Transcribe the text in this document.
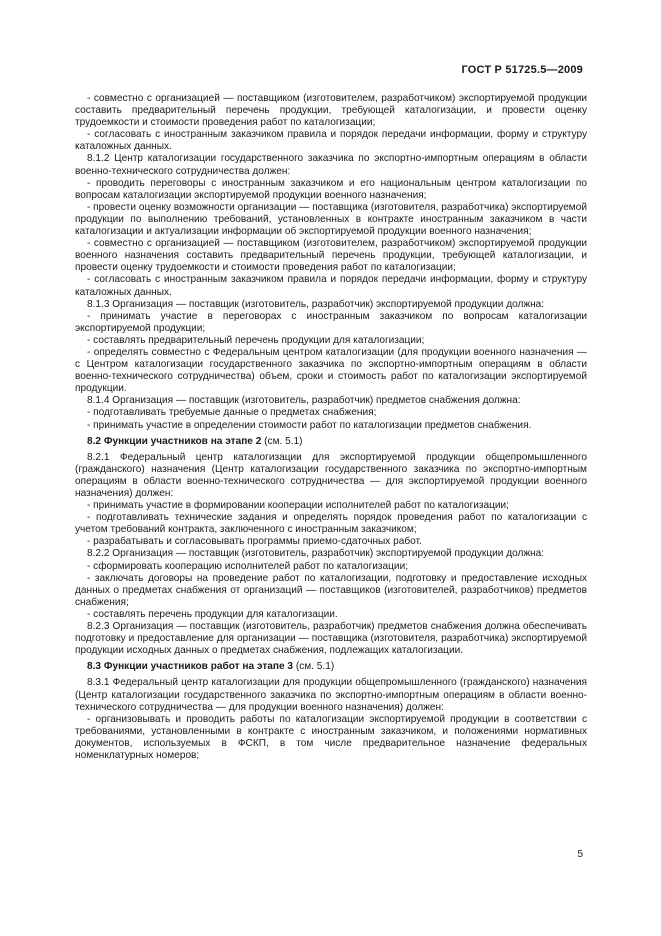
ГОСТ Р 51725.5—2009

- совместно с организацией — поставщиком (изготовителем, разработчиком) экспортируемой продукции составить предварительный перечень продукции, требующей каталогизации, и провести оценку трудоемкости и стоимости проведения работ по каталогизации;

- согласовать с иностранным заказчиком правила и порядок передачи информации, форму и структуру каталожных данных.

8.1.2 Центр каталогизации государственного заказчика по экспортно-импортным операциям в области военно-технического сотрудничества должен:

- проводить переговоры с иностранным заказчиком и его национальным центром каталогизации по вопросам каталогизации экспортируемой продукции военного назначения;

- провести оценку возможности организации — поставщика (изготовителя, разработчика) экспортируемой продукции по выполнению требований, установленных в контракте иностранным заказчиком в части каталогизации и актуализации информации об экспортируемой продукции военного назначения;

- совместно с организацией — поставщиком (изготовителем, разработчиком) экспортируемой продукции военного назначения составить предварительный перечень продукции, требующей каталогизации, и провести оценку трудоемкости и стоимости проведения работ по каталогизации;

- согласовать с иностранным заказчиком правила и порядок передачи информации, форму и структуру каталожных данных.

8.1.3 Организация — поставщик (изготовитель, разработчик) экспортируемой продукции должна:

- принимать участие в переговорах с иностранным заказчиком по вопросам каталогизации экспортируемой продукции;

- составлять предварительный перечень продукции для каталогизации;

- определять совместно с Федеральным центром каталогизации (для продукции военного назначения — с Центром каталогизации государственного заказчика по экспортно-импортным операциям в области военно-технического сотрудничества) объем, сроки и стоимость работ по каталогизации экспортируемой продукции.

8.1.4 Организация — поставщик (изготовитель, разработчик) предметов снабжения должна:

- подготавливать требуемые данные о предметах снабжения;

- принимать участие в определении стоимости работ по каталогизации предметов снабжения.

8.2 Функции участников на этапе 2 (см. 5.1)

8.2.1 Федеральный центр каталогизации для экспортируемой продукции общепромышленного (гражданского) назначения (Центр каталогизации государственного заказчика по экспортно-импортным операциям в области военно-технического сотрудничества — для экспортируемой продукции военного назначения) должен:

- принимать участие в формировании кооперации исполнителей работ по каталогизации;

- подготавливать технические задания и определять порядок проведения работ по каталогизации с учетом требований контракта, заключенного с иностранным заказчиком;

- разрабатывать и согласовывать программы приемо-сдаточных работ.

8.2.2 Организация — поставщик (изготовитель, разработчик) экспортируемой продукции должна:

- сформировать кооперацию исполнителей работ по каталогизации;

- заключать договоры на проведение работ по каталогизации, подготовку и предоставление исходных данных о предметах снабжения от организаций — поставщиков (изготовителей, разработчиков) предметов снабжения;

- составлять перечень продукции для каталогизации.

8.2.3 Организация — поставщик (изготовитель, разработчик) предметов снабжения должна обеспечивать подготовку и предоставление для организации — поставщика (изготовителя, разработчика) экспортируемой продукции исходных данных о предметах снабжения, подлежащих каталогизации.

8.3 Функции участников работ на этапе 3 (см. 5.1)

8.3.1 Федеральный центр каталогизации для продукции общепромышленного (гражданского) назначения (Центр каталогизации государственного заказчика по экспортно-импортным операциям в области военно-технического сотрудничества — для продукции военного назначения) должен:

- организовывать и проводить работы по каталогизации экспортируемой продукции в соответствии с требованиями, установленными в контракте с иностранным заказчиком, и положениями нормативных документов, используемых в ФСКП, в том числе предварительное назначение федеральных номенклатурных номеров;

5
